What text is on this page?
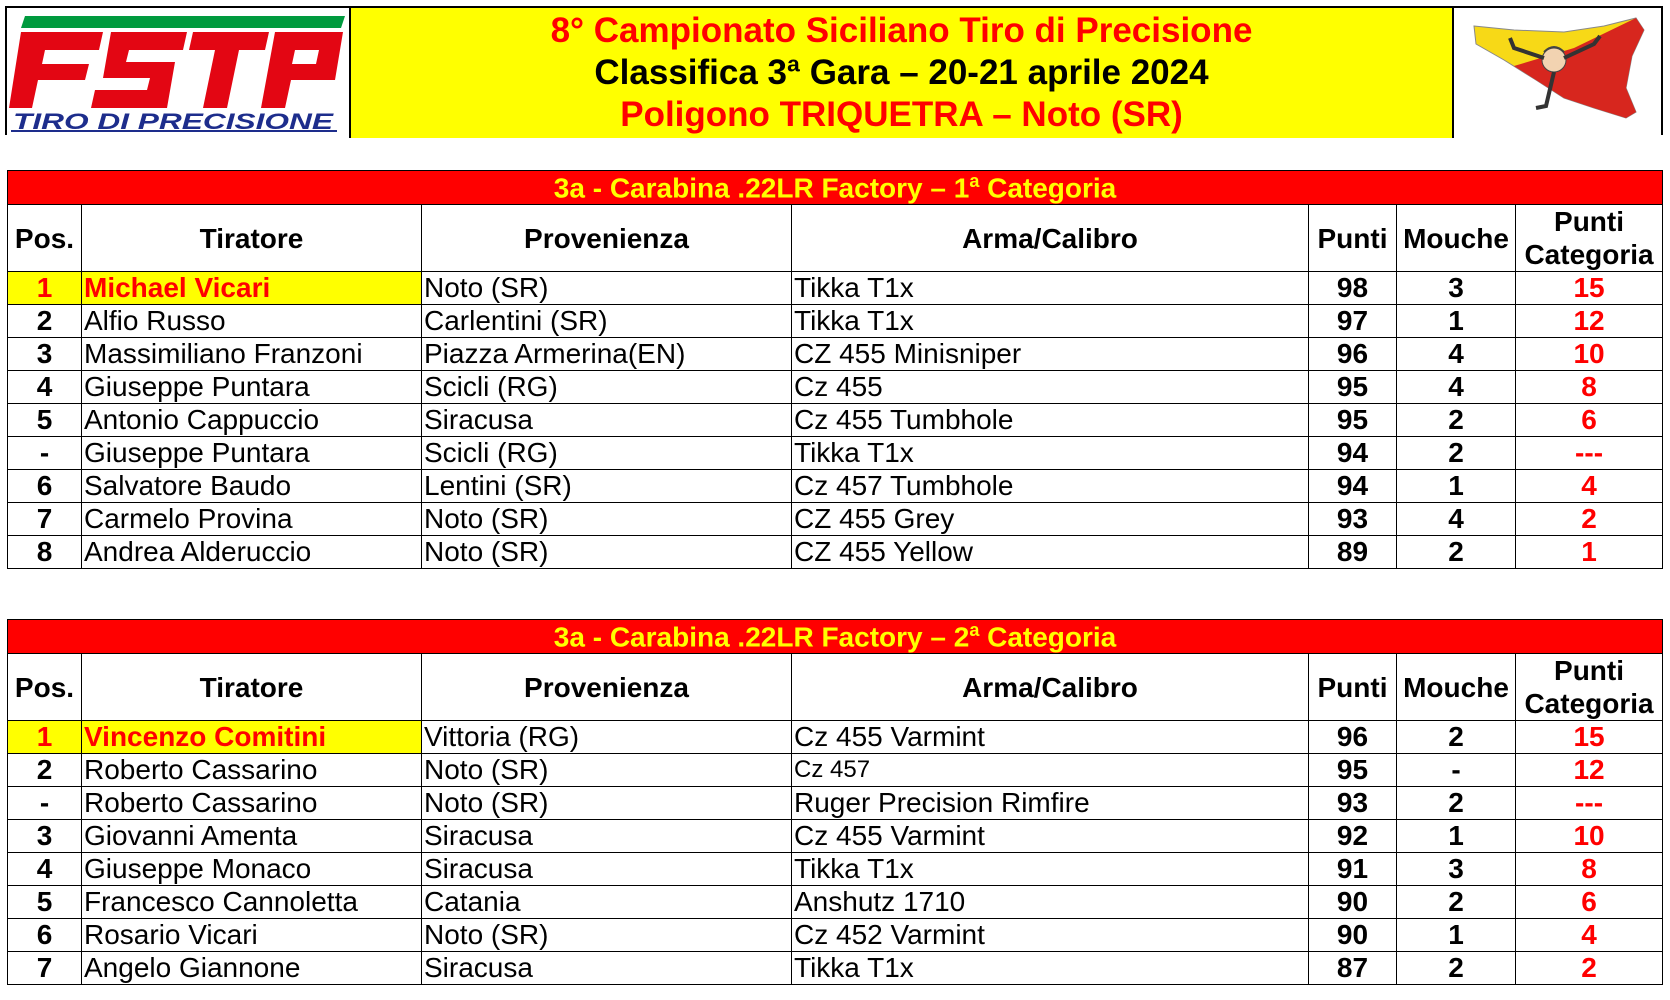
TIRO DI PRECISIONE
8° Campionato Siciliano Tiro di Precisione
Classifica 3ª Gara – 20-21 aprile 2024
Poligono TRIQUETRA – Noto (SR)
3a - Carabina .22LR Factory – 1$^a$ Categoria						
Pos.	Tiratore	Provenienza	Arma/Calibro	Punti	Mouche	Punti
Categoria
1	Michael Vicari	Noto (SR)	Tikka T1x	98	3	15
2	Alfio Russo	Carlentini (SR)	Tikka T1x	97	1	12
3	Massimiliano Franzoni	Piazza Armerina(EN)	CZ 455 Minisniper	96	4	10
4	Giuseppe Puntara	Scicli (RG)	Cz 455	95	4	8
5	Antonio Cappuccio	Siracusa	Cz 455 Tumbhole	95	2	6
-	Giuseppe Puntara	Scicli (RG)	Tikka T1x	94	2	---
6	Salvatore Baudo	Lentini (SR)	Cz 457 Tumbhole	94	1	4
7	Carmelo Provina	Noto (SR)	CZ 455 Grey	93	4	2
8	Andrea Alderuccio	Noto (SR)	CZ 455 Yellow	89	2	1
3a - Carabina .22LR Factory – 2$^a$ Categoria						
Pos.	Tiratore	Provenienza	Arma/Calibro	Punti	Mouche	Punti
Categoria
1	Vincenzo Comitini	Vittoria (RG)	Cz 455 Varmint	96	2	15
2	Roberto Cassarino	Noto (SR)	Cz 457	95	-	12
-	Roberto Cassarino	Noto (SR)	Ruger Precision Rimfire	93	2	---
3	Giovanni Amenta	Siracusa	Cz 455 Varmint	92	1	10
4	Giuseppe Monaco	Siracusa	Tikka T1x	91	3	8
5	Francesco Cannoletta	Catania	Anshutz 1710	90	2	6
6	Rosario Vicari	Noto (SR)	Cz 452 Varmint	90	1	4
7	Angelo Giannone	Siracusa	Tikka T1x	87	2	2
